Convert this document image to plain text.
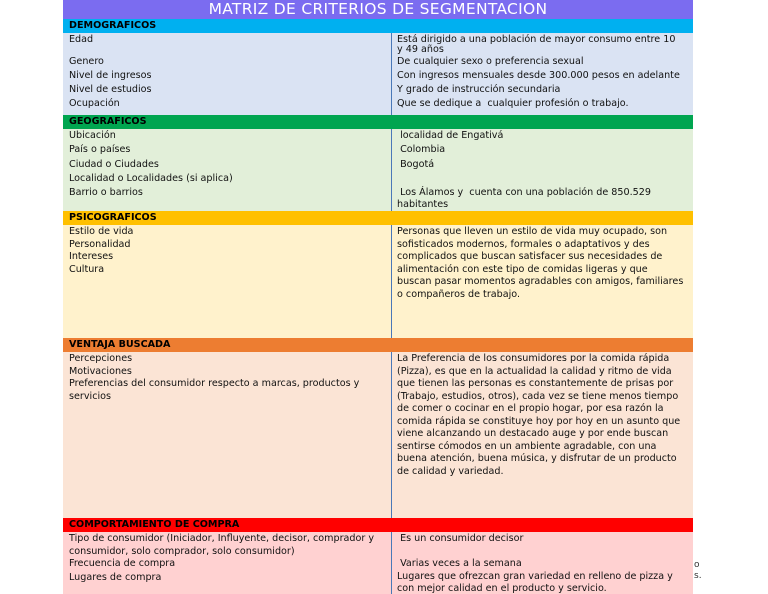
MATRIZ DE CRITERIOS DE SEGMENTACION
DEMOGRAFICOS
Edad
Genero
Nivel de ingresos
Nivel de estudios
Ocupación
Está dirigido a una población de mayor consumo entre 10
y 49 años
De cualquier sexo o preferencia sexual
Con ingresos mensuales desde 300.000 pesos en adelante
Y grado de instrucción secundaria
Que se dedique a  cualquier profesión o trabajo.
GEOGRAFICOS
Ubicación
País o países
Ciudad o Ciudades
Localidad o Localidades (si aplica)
Barrio o barrios
localidad de Engativá
Colombia
Bogotá
Los Álamos y  cuenta con una población de 850.529
habitantes
PSICOGRAFICOS
Estilo de vida
Personalidad
Intereses
Cultura
Personas que lleven un estilo de vida muy ocupado, son
sofisticados modernos, formales o adaptativos y des
complicados que buscan satisfacer sus necesidades de
alimentación con este tipo de comidas ligeras y que
buscan pasar momentos agradables con amigos, familiares
o compañeros de trabajo.
VENTAJA BUSCADA
Percepciones
Motivaciones
Preferencias del consumidor respecto a marcas, productos y
servicios
La Preferencia de los consumidores por la comida rápida
(Pizza), es que en la actualidad la calidad y ritmo de vida
que tienen las personas es constantemente de prisas por
(Trabajo, estudios, otros), cada vez se tiene menos tiempo
de comer o cocinar en el propio hogar, por esa razón la
comida rápida se constituye hoy por hoy en un asunto que
viene alcanzando un destacado auge y por ende buscan
sentirse cómodos en un ambiente agradable, con una
buena atención, buena música, y disfrutar de un producto
de calidad y variedad.
COMPORTAMIENTO DE COMPRA
Tipo de consumidor (Iniciador, Influyente, decisor, comprador y
consumidor, solo comprador, solo consumidor)
Frecuencia de compra
Lugares de compra
Es un consumidor decisor
Varias veces a la semana
Lugares que ofrezcan gran variedad en relleno de pizza y
con mejor calidad en el producto y servicio.
o
s.
